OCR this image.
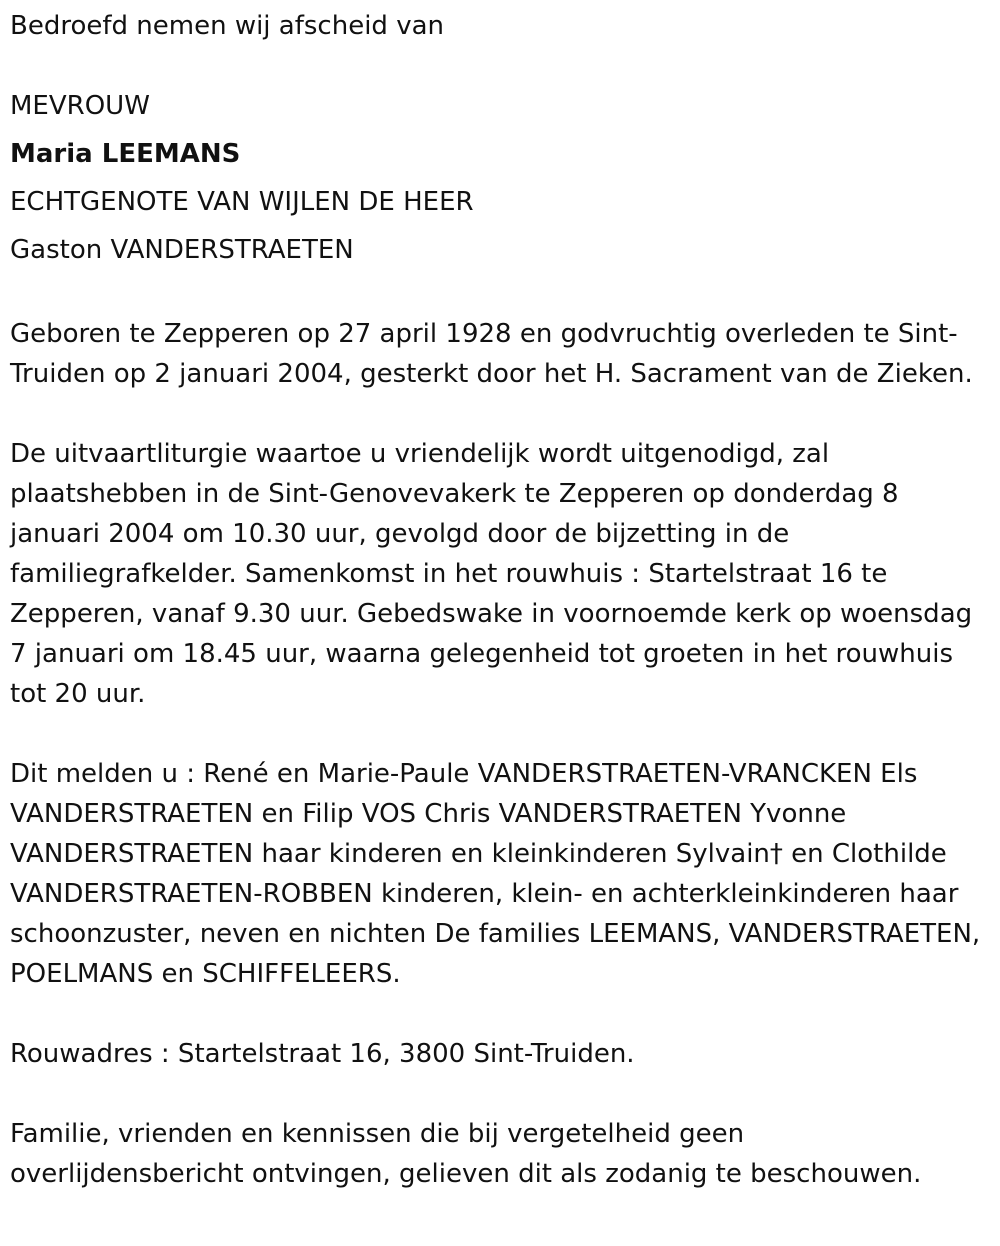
Bedroefd nemen wij afscheid van
MEVROUW
Maria LEEMANS
ECHTGENOTE VAN WIJLEN DE HEER
Gaston VANDERSTRAETEN

Geboren te Zepperen op 27 april 1928 en godvruchtig overleden te Sint-Truiden op 2 januari 2004, gesterkt door het H. Sacrament van de Zieken.

De uitvaartliturgie waartoe u vriendelijk wordt uitgenodigd, zal plaatshebben in de Sint-Genovevakerk te Zepperen op donderdag 8 januari 2004 om 10.30 uur, gevolgd door de bijzetting in de familiegrafkelder. Samenkomst in het rouwhuis : Startelstraat 16 te Zepperen, vanaf 9.30 uur. Gebedswake in voornoemde kerk op woensdag 7 januari om 18.45 uur, waarna gelegenheid tot groeten in het rouwhuis tot 20 uur.

Dit melden u : René en Marie-Paule VANDERSTRAETEN-VRANCKEN Els VANDERSTRAETEN en Filip VOS Chris VANDERSTRAETEN Yvonne VANDERSTRAETEN haar kinderen en kleinkinderen Sylvain† en Clothilde VANDERSTRAETEN-ROBBEN kinderen, klein- en achterkleinkinderen haar schoonzuster, neven en nichten De families LEEMANS, VANDERSTRAETEN, POELMANS en SCHIFFELEERS.

Rouwadres : Startelstraat 16, 3800 Sint-Truiden.

Familie, vrienden en kennissen die bij vergetelheid geen overlijdensbericht ontvingen, gelieven dit als zodanig te beschouwen.
